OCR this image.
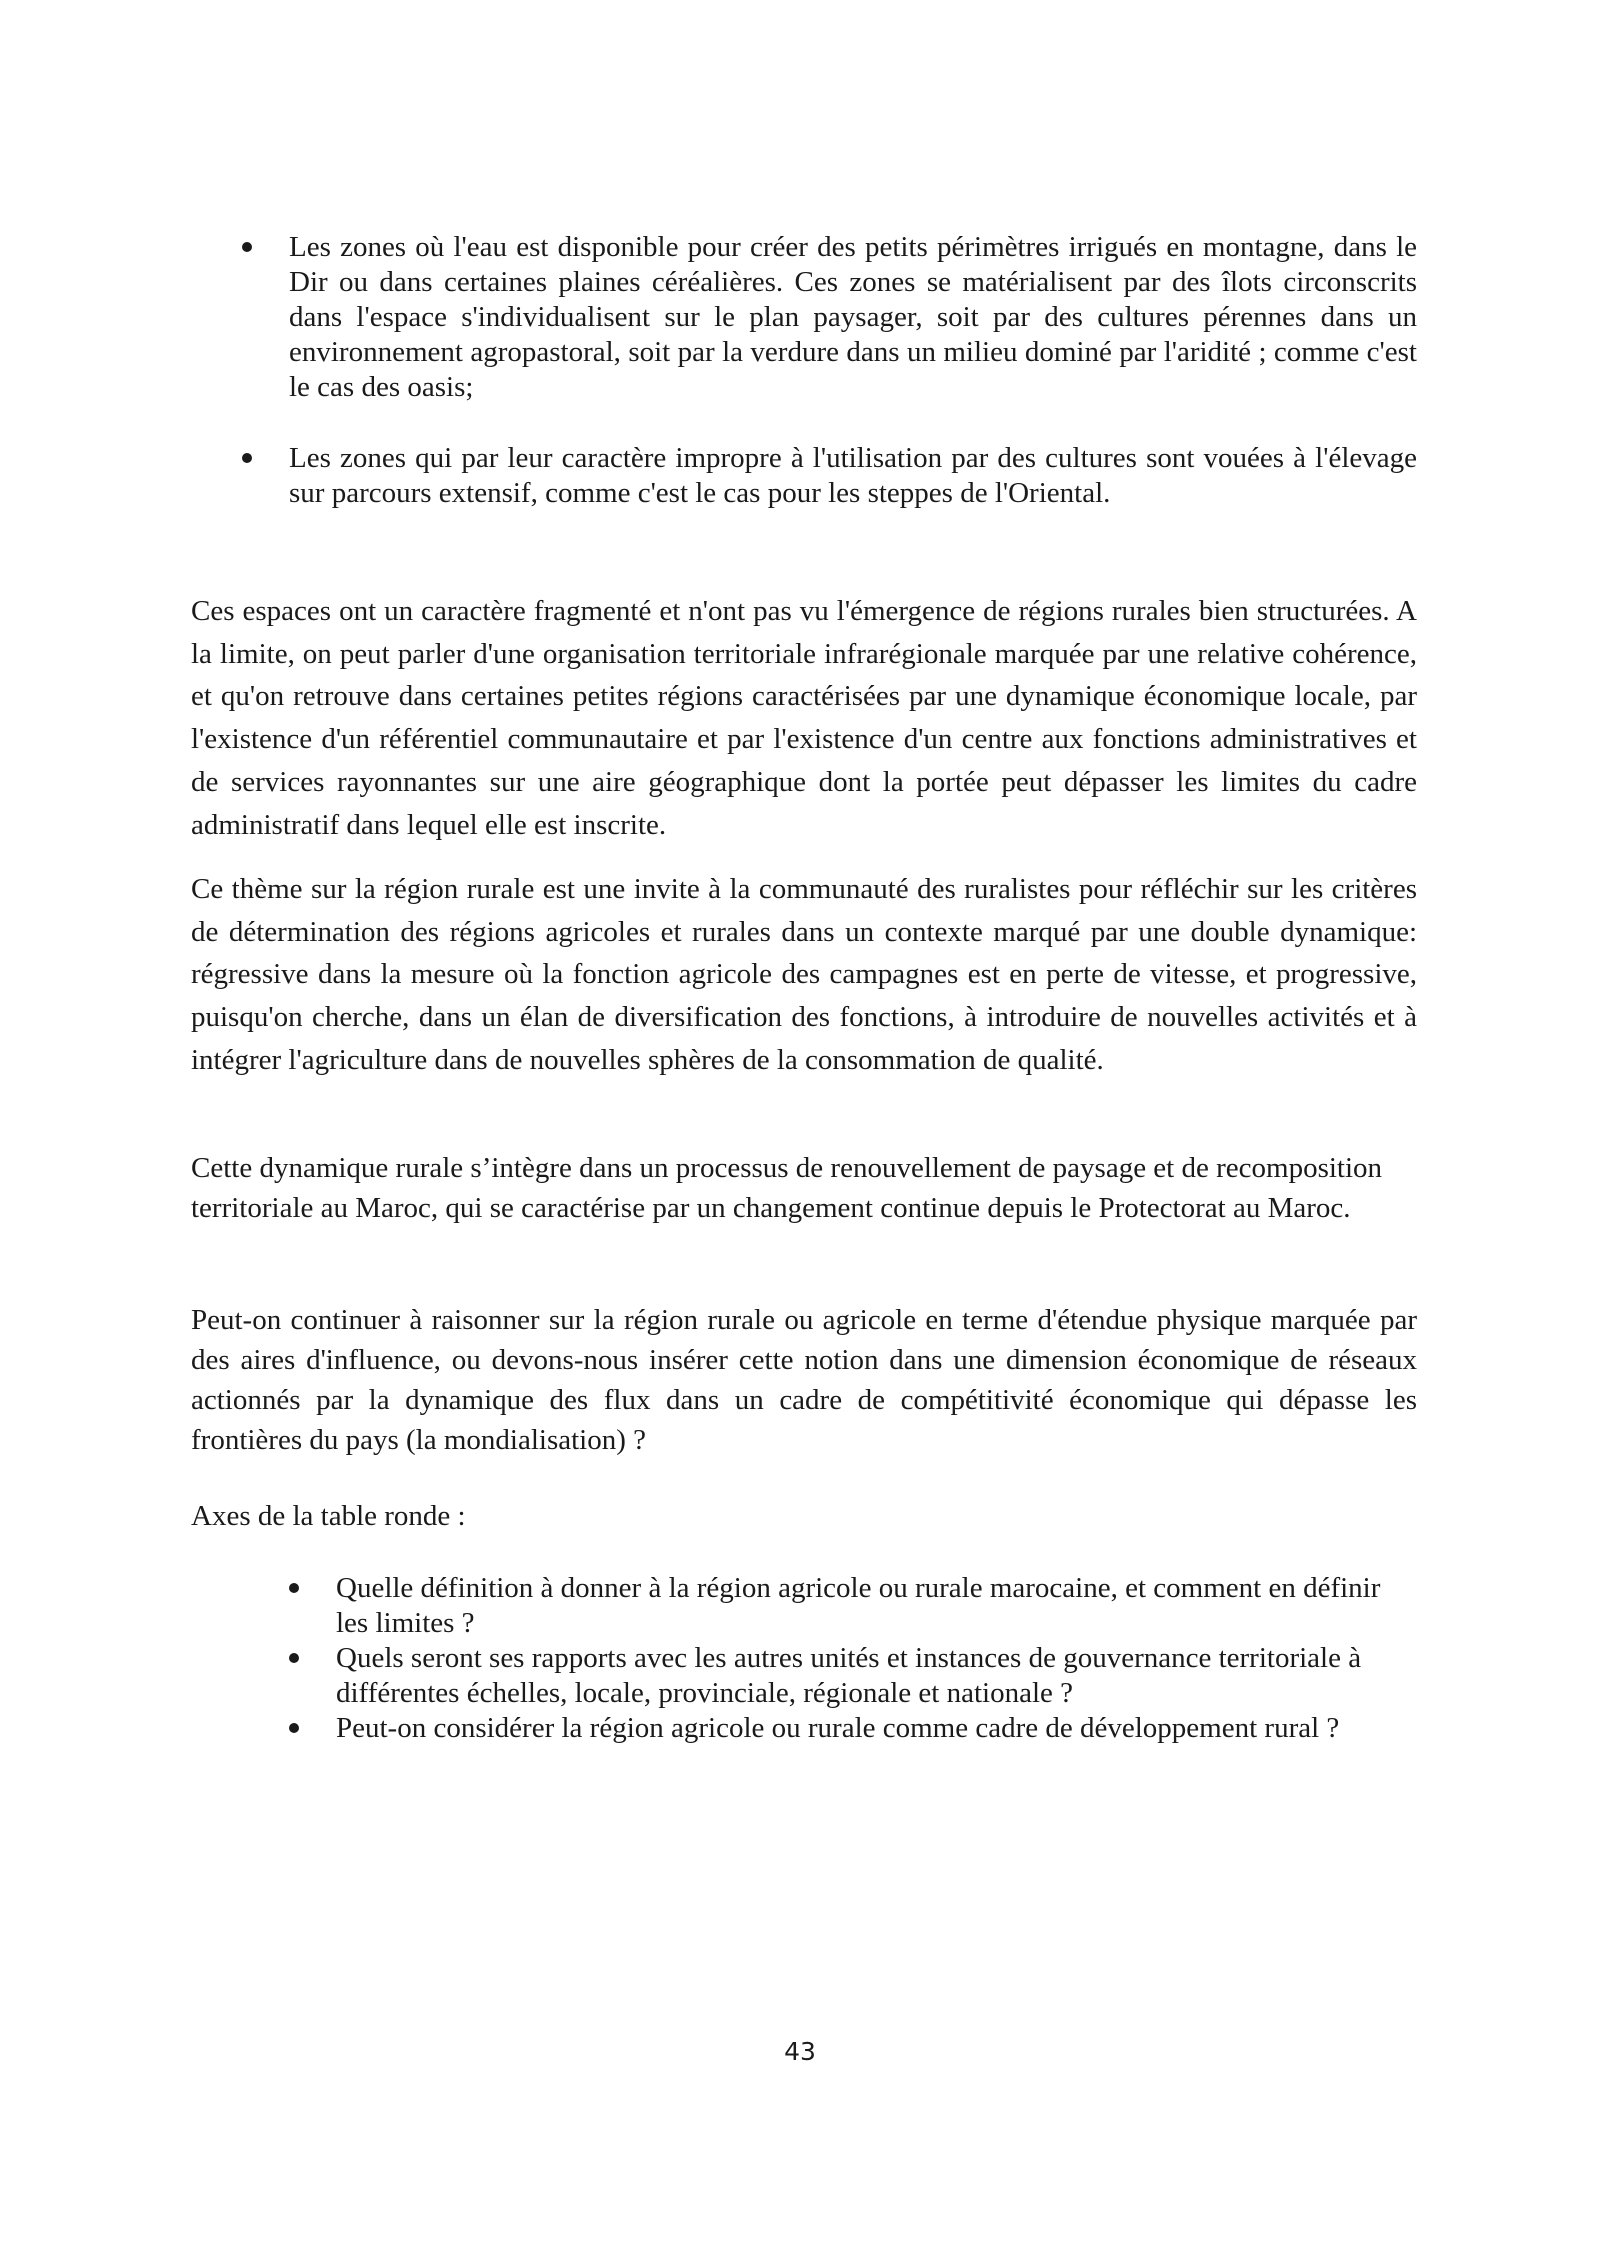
Les zones où l'eau est disponible pour créer des petits périmètres irrigués en montagne, dans le Dir ou dans certaines plaines céréalières. Ces zones se matérialisent par des îlots circonscrits dans l'espace s'individualisent sur le plan paysager, soit par des cultures pérennes dans un environnement agropastoral, soit par la verdure dans un milieu dominé par l'aridité ; comme c'est le cas des oasis;
Les zones qui par leur caractère impropre à l'utilisation par des cultures sont vouées à l'élevage sur parcours extensif, comme c'est le cas pour les steppes de l'Oriental.

Ces espaces ont un caractère fragmenté et n'ont pas vu l'émergence de régions rurales bien structurées. A la limite, on peut parler d'une organisation territoriale infrarégionale marquée par une relative cohérence, et qu'on retrouve dans certaines petites régions caractérisées par une dynamique économique locale, par l'existence d'un référentiel communautaire et par l'existence d'un centre aux fonctions administratives et de services rayonnantes sur une aire géographique dont la portée peut dépasser les limites du cadre administratif dans lequel elle est inscrite.

Ce thème sur la région rurale est une invite à la communauté des ruralistes pour réfléchir sur les critères de détermination des régions agricoles et rurales dans un contexte marqué par une double dynamique: régressive dans la mesure où la fonction agricole des campagnes est en perte de vitesse, et progressive, puisqu'on cherche, dans un élan de diversification des fonctions, à introduire de nouvelles activités et à intégrer l'agriculture dans de nouvelles sphères de la consommation de qualité.

Cette dynamique rurale s’intègre dans un processus de renouvellement de paysage et de recomposition territoriale au Maroc, qui se caractérise par un changement continue depuis le Protectorat au Maroc.

Peut-on continuer à raisonner sur la région rurale ou agricole en terme d'étendue physique marquée par des aires d'influence, ou devons-nous insérer cette notion dans une dimension économique de réseaux actionnés par la dynamique des flux dans un cadre de compétitivité économique qui dépasse les frontières du pays (la mondialisation) ?

Axes de la table ronde :

Quelle définition à donner à la région agricole ou rurale marocaine, et comment en définir les limites ?
Quels seront ses rapports avec les autres unités et instances de gouvernance territoriale à différentes échelles, locale, provinciale, régionale et nationale ?
Peut-on considérer la région agricole ou rurale comme cadre de développement rural ?
43
